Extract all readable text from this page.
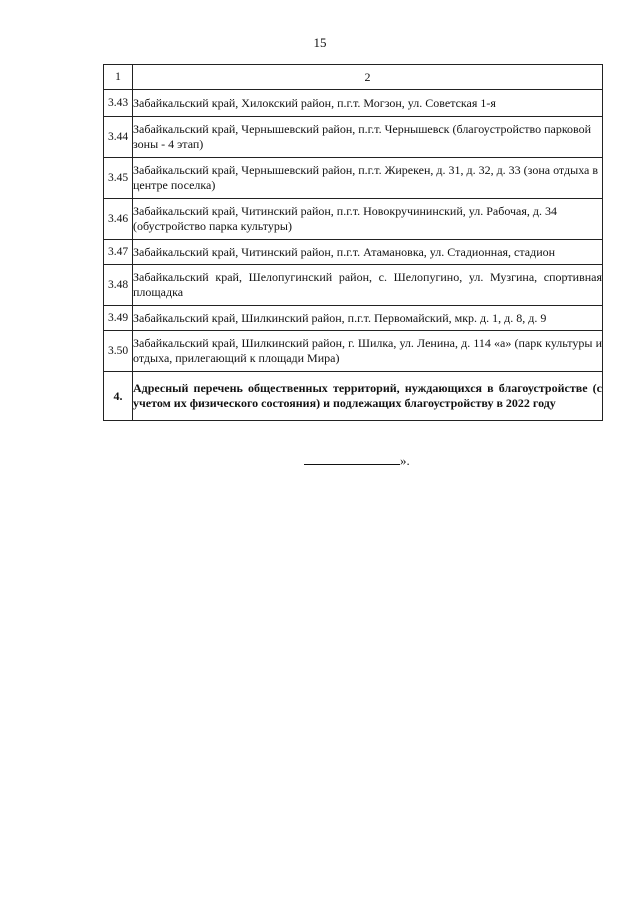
15
1	2
3.43	Забайкальский край, Хилокский район, п.г.т. Могзон, ул. Советская 1-я
3.44	Забайкальский край, Чернышевский район, п.г.т. Чернышевск (благоустройство парковой зоны - 4 этап)
3.45	Забайкальский край, Чернышевский район, п.г.т. Жирекен, д. 31, д. 32, д. 33 (зона отдыха в центре поселка)
3.46	Забайкальский край, Читинский район, п.г.т. Новокручининский, ул. Рабочая, д. 34 (обустройство парка культуры)
3.47	Забайкальский край, Читинский район, п.г.т. Атамановка, ул. Стадионная, стадион
3.48	Забайкальский край, Шелопугинский район, с. Шелопугино, ул. Музгина, спортивная площадка
3.49	Забайкальский край, Шилкинский район, п.г.т. Первомайский, мкр. д. 1, д. 8, д. 9
3.50	Забайкальский край, Шилкинский район, г. Шилка, ул. Ленина, д. 114 «а» (парк культуры и отдыха, прилегающий к площади Мира)
4.	Адресный перечень общественных территорий, нуждающихся в благоустройстве (с учетом их физического состояния) и подлежащих благоустройству в 2022 году
».
